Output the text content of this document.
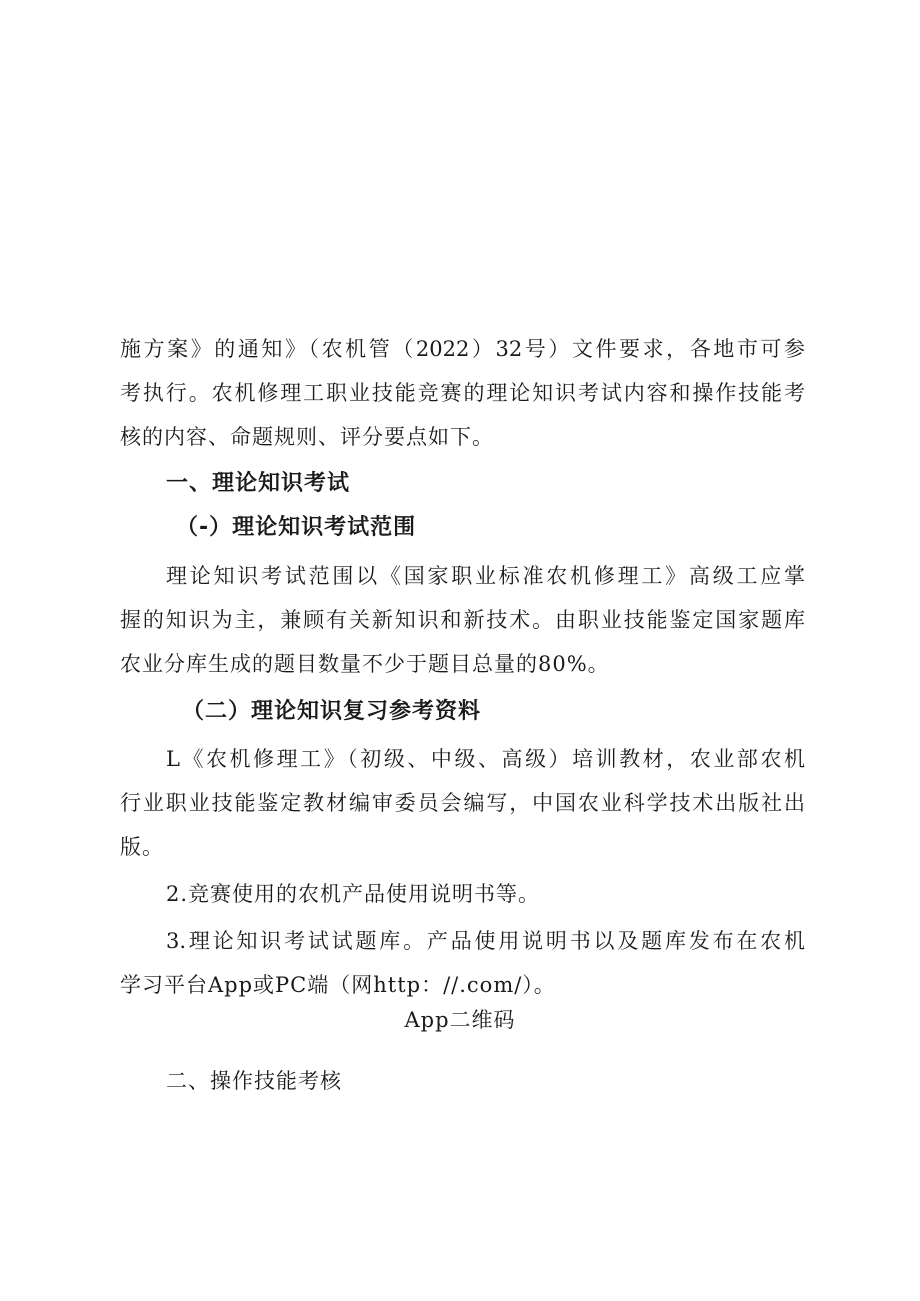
施方案》的通知》（农机管（2022）32号）文件要求，各地市可参
考执行。农机修理工职业技能竞赛的理论知识考试内容和操作技能考
核的内容、命题规则、评分要点如下。
一、理论知识考试
（-）理论知识考试范围
理论知识考试范围以《国家职业标准农机修理工》高级工应掌
握的知识为主，兼顾有关新知识和新技术。由职业技能鉴定国家题库
农业分库生成的题目数量不少于题目总量的80%。
（二）理论知识复习参考资料
L《农机修理工》（初级、中级、高级）培训教材，农业部农机
行业职业技能鉴定教材编审委员会编写，中国农业科学技术出版社出
版。
2.竞赛使用的农机产品使用说明书等。
3.理论知识考试试题库。产品使用说明书以及题库发布在农机
学习平台App或PC端（网http：//.com/）。
App二维码
二、操作技能考核
